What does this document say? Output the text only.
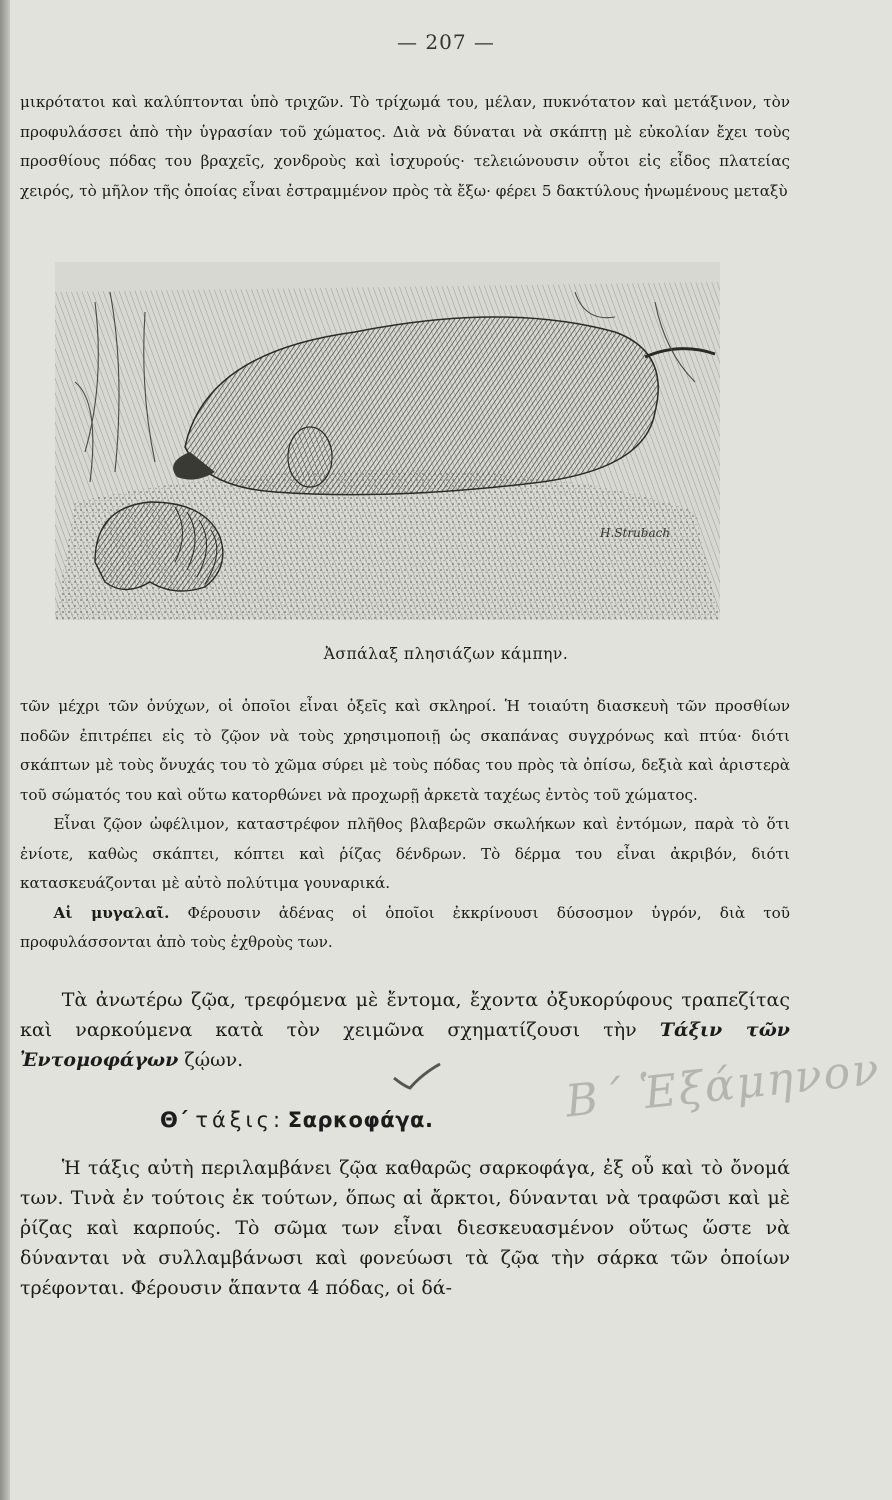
— 207 —

μικρότατοι καὶ καλύπτονται ὑπὸ τριχῶν. Τὸ τρίχωμά του, μέλαν, πυκνότατον καὶ μετάξινον, τὸν προφυλάσσει ἀπὸ τὴν ὑγρασίαν τοῦ χώματος. Διὰ νὰ δύναται νὰ σκάπτῃ μὲ εὐκολίαν ἔχει τοὺς προσθίους πόδας του βραχεῖς, χονδροὺς καὶ ἰσχυρούς· τελειώνουσιν οὗτοι εἰς εἶδος πλατείας χειρός, τὸ μῆλον τῆς ὁποίας εἶναι ἐστραμμένον πρὸς τὰ ἔξω· φέρει 5 δακτύλους ἡνωμένους μεταξὺ

H.Strubach
Ἀσπάλαξ πλησιάζων κάμπην.

τῶν μέχρι τῶν ὀνύχων, οἱ ὁποῖοι εἶναι ὀξεῖς καὶ σκληροί. Ἡ τοιαύτη διασκευὴ τῶν προσθίων ποδῶν ἐπιτρέπει εἰς τὸ ζῷον νὰ τοὺς χρησιμοποιῇ ὡς σκαπάνας συγχρόνως καὶ πτύα· διότι σκάπτων μὲ τοὺς ὄνυχάς του τὸ χῶμα σύρει μὲ τοὺς πόδας του πρὸς τὰ ὀπίσω, δεξιὰ καὶ ἀριστερὰ τοῦ σώματός του καὶ οὕτω κατορθώνει νὰ προχωρῇ ἀρκετὰ ταχέως ἐντὸς τοῦ χώματος.

Εἶναι ζῷον ὠφέλιμον, καταστρέφον πλῆθος βλαβερῶν σκωλήκων καὶ ἐντόμων, παρὰ τὸ ὅτι ἐνίοτε, καθὼς σκάπτει, κόπτει καὶ ῥίζας δένδρων. Τὸ δέρμα του εἶναι ἀκριβόν, διότι κατασκευάζονται μὲ αὐτὸ πολύτιμα γουναρικά.

Αἱ μυγαλαῖ. Φέρουσιν ἀδένας οἱ ὁποῖοι ἐκκρίνουσι δύσοσμον ὑγρόν, διὰ τοῦ προφυλάσσονται ἀπὸ τοὺς ἐχθροὺς των.

Τὰ ἀνωτέρω ζῷα, τρεφόμενα μὲ ἔντομα, ἔχοντα ὀξυκορύφους τραπεζίτας καὶ ναρκούμενα κατὰ τὸν χειμῶνα σχηματίζουσι τὴν Τάξιν τῶν Ἐντομοφάγων ζῴων.	Β΄ Ἑξάμηνον
Θ΄ τάξις: Σαρκοφάγα.

Ἡ τάξις αὐτὴ περιλαμβάνει ζῷα καθαρῶς σαρκοφάγα, ἐξ οὗ καὶ τὸ ὄνομά των. Τινὰ ἐν τούτοις ἐκ τούτων, ὅπως αἱ ἄρκτοι, δύνανται νὰ τραφῶσι καὶ μὲ ῥίζας καὶ καρπούς. Τὸ σῶμα των εἶναι διεσκευασμένον οὕτως ὥστε νὰ δύνανται νὰ συλλαμβάνωσι καὶ φονεύωσι τὰ ζῷα τὴν σάρκα τῶν ὁποίων τρέφονται. Φέρουσιν ἅπαντα 4 πόδας, οἱ δά-
